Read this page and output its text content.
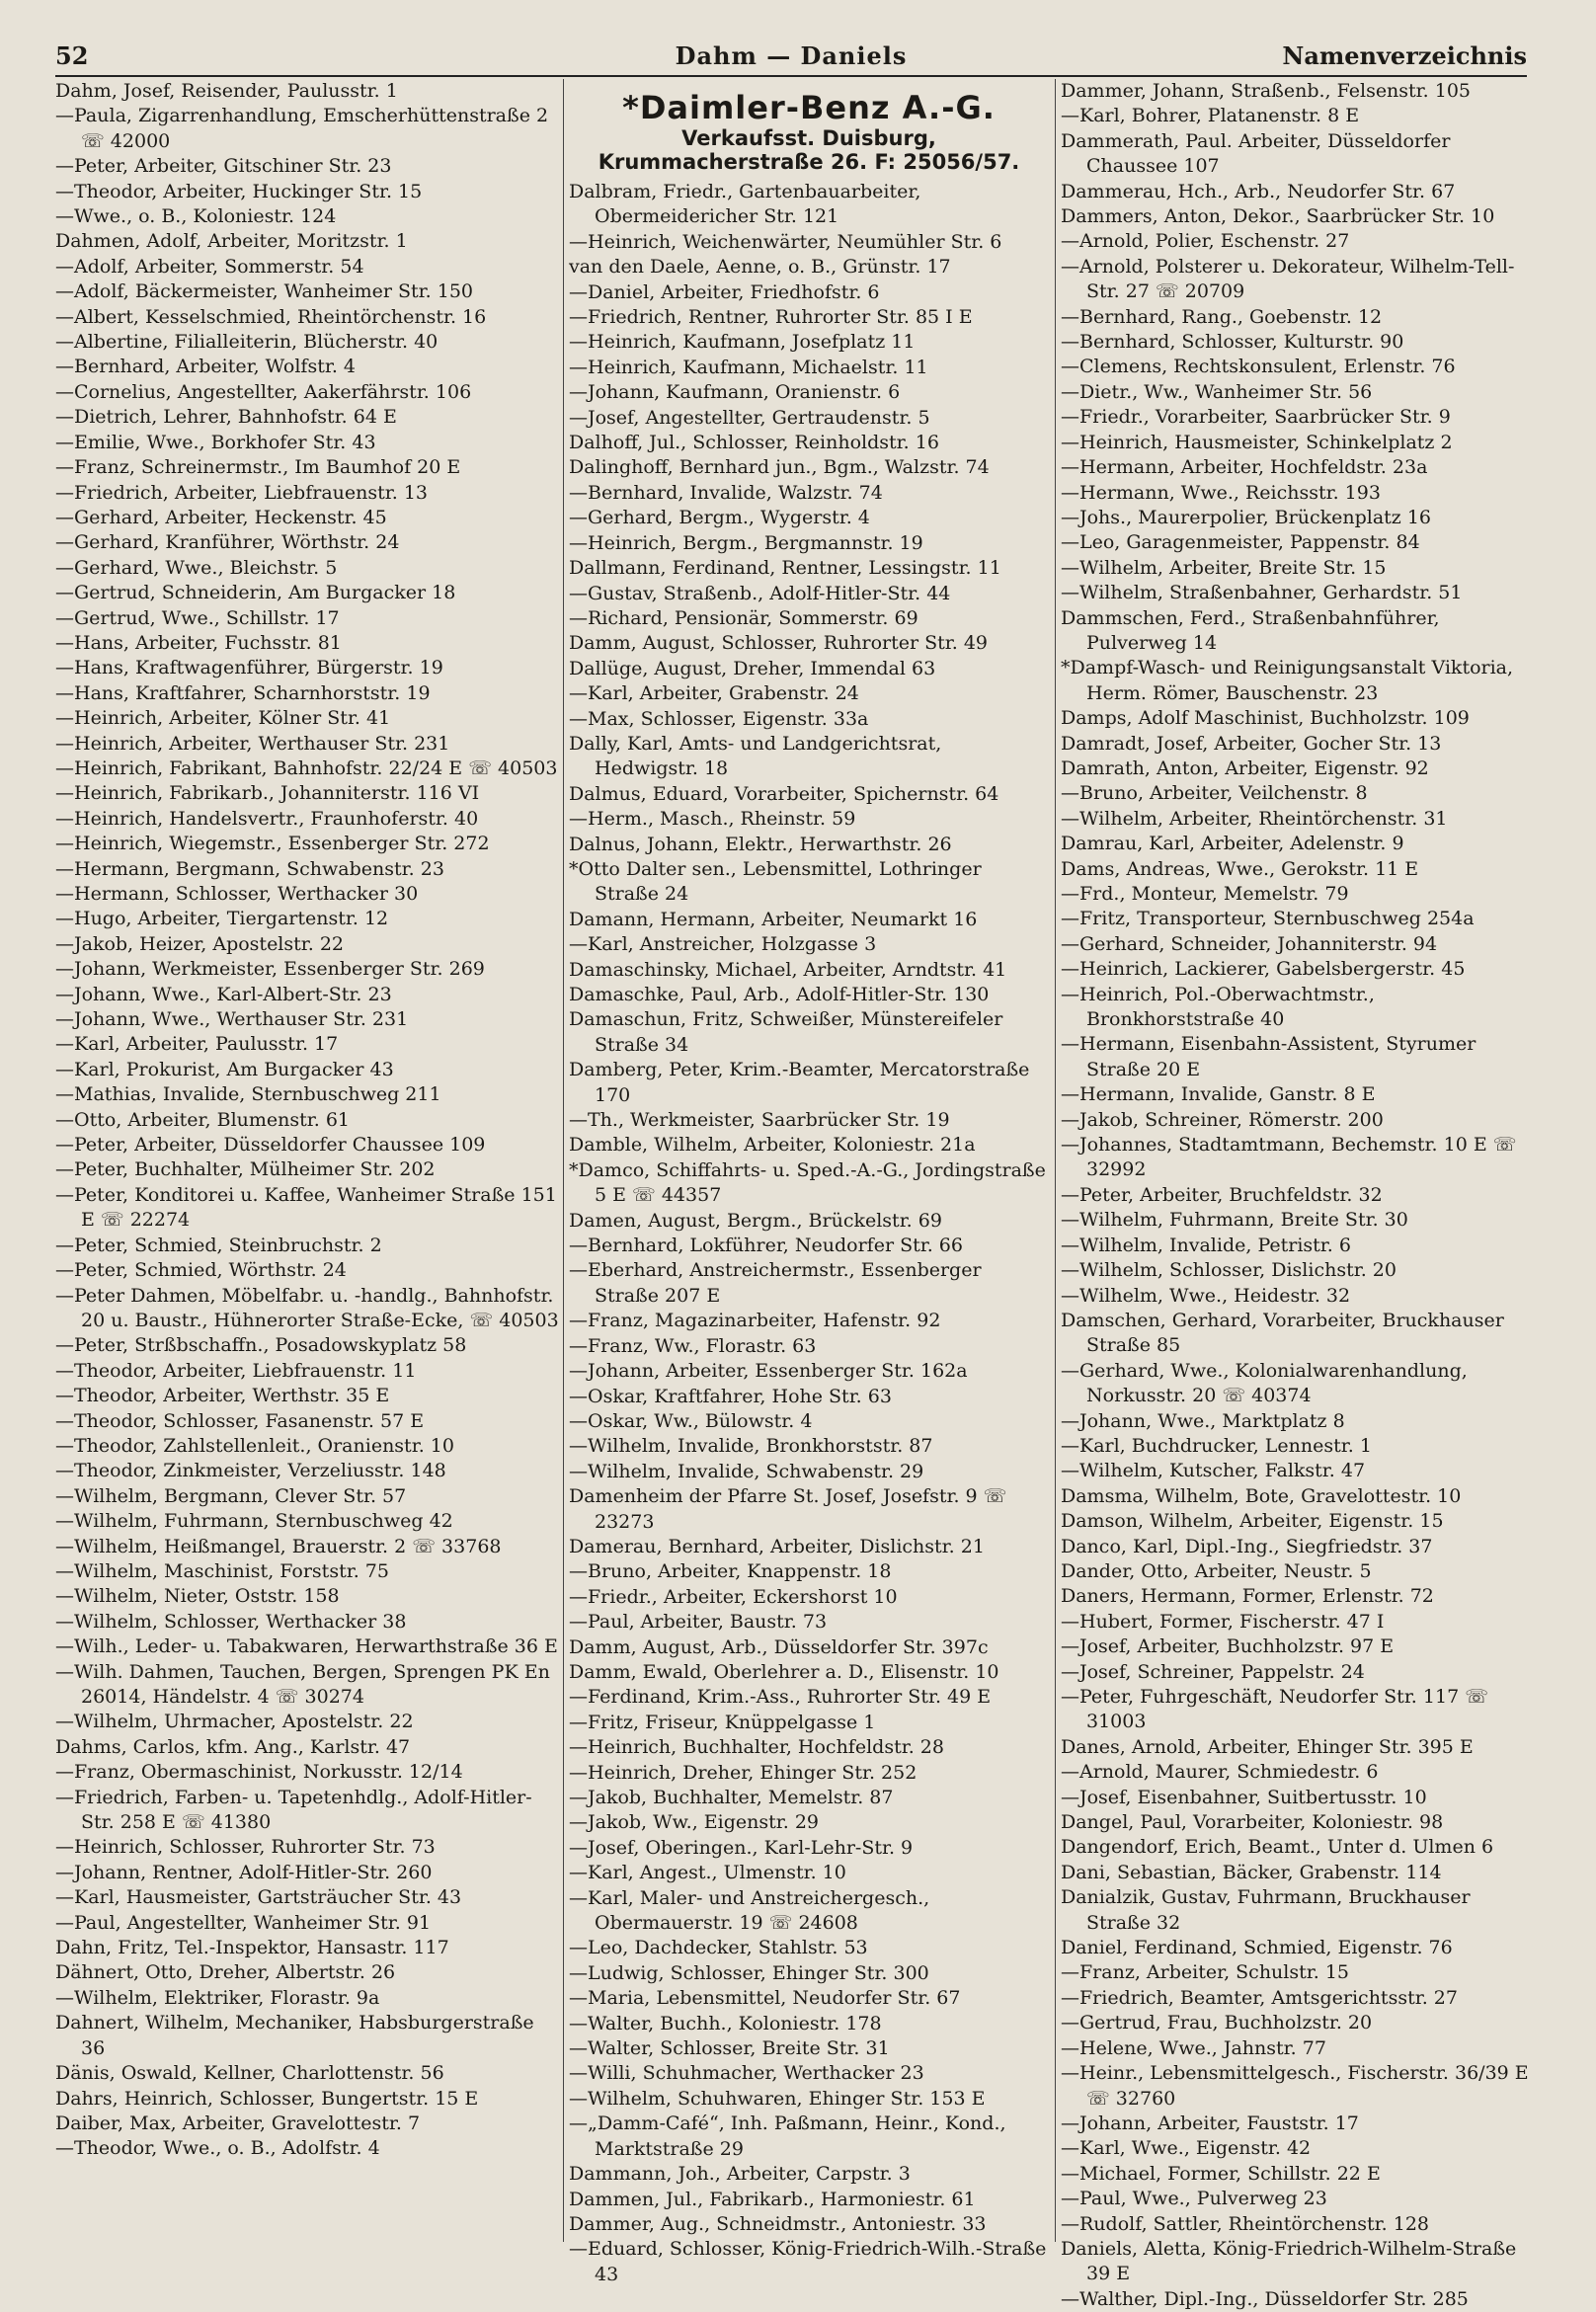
52	Dahm — Daniels	Namenverzeichnis
Dahm, Josef, Reisender, Paulusstr. 1
—Paula, Zigarrenhandlung, Emscherhüttenstraße 2 ☏ 42000
—Peter, Arbeiter, Gitschiner Str. 23
—Theodor, Arbeiter, Huckinger Str. 15
—Wwe., o. B., Koloniestr. 124
Dahmen, Adolf, Arbeiter, Moritzstr. 1
—Adolf, Arbeiter, Sommerstr. 54
—Adolf, Bäckermeister, Wanheimer Str. 150
—Albert, Kesselschmied, Rheintörchenstr. 16
—Albertine, Filialleiterin, Blücherstr. 40
—Bernhard, Arbeiter, Wolfstr. 4
—Cornelius, Angestellter, Aakerfährstr. 106
—Dietrich, Lehrer, Bahnhofstr. 64 E
—Emilie, Wwe., Borkhofer Str. 43
—Franz, Schreinermstr., Im Baumhof 20 E
—Friedrich, Arbeiter, Liebfrauenstr. 13
—Gerhard, Arbeiter, Heckenstr. 45
—Gerhard, Kranführer, Wörthstr. 24
—Gerhard, Wwe., Bleichstr. 5
—Gertrud, Schneiderin, Am Burgacker 18
—Gertrud, Wwe., Schillstr. 17
—Hans, Arbeiter, Fuchsstr. 81
—Hans, Kraftwagenführer, Bürgerstr. 19
—Hans, Kraftfahrer, Scharnhorststr. 19
—Heinrich, Arbeiter, Kölner Str. 41
—Heinrich, Arbeiter, Werthauser Str. 231
—Heinrich, Fabrikant, Bahnhofstr. 22/24 E ☏ 40503
—Heinrich, Fabrikarb., Johanniterstr. 116 VI
—Heinrich, Handelsvertr., Fraunhoferstr. 40
—Heinrich, Wiegemstr., Essenberger Str. 272
—Hermann, Bergmann, Schwabenstr. 23
—Hermann, Schlosser, Werthacker 30
—Hugo, Arbeiter, Tiergartenstr. 12
—Jakob, Heizer, Apostelstr. 22
—Johann, Werkmeister, Essenberger Str. 269
—Johann, Wwe., Karl-Albert-Str. 23
—Johann, Wwe., Werthauser Str. 231
—Karl, Arbeiter, Paulusstr. 17
—Karl, Prokurist, Am Burgacker 43
—Mathias, Invalide, Sternbuschweg 211
—Otto, Arbeiter, Blumenstr. 61
—Peter, Arbeiter, Düsseldorfer Chaussee 109
—Peter, Buchhalter, Mülheimer Str. 202
—Peter, Konditorei u. Kaffee, Wanheimer Straße 151 E ☏ 22274
—Peter, Schmied, Steinbruchstr. 2
—Peter, Schmied, Wörthstr. 24
—Peter Dahmen, Möbelfabr. u. -handlg., Bahnhofstr. 20 u. Baustr., Hühnerorter Straße-Ecke, ☏ 40503
—Peter, Strßbschaffn., Posadowskyplatz 58
—Theodor, Arbeiter, Liebfrauenstr. 11
—Theodor, Arbeiter, Werthstr. 35 E
—Theodor, Schlosser, Fasanenstr. 57 E
—Theodor, Zahlstellenleit., Oranienstr. 10
—Theodor, Zinkmeister, Verzeliusstr. 148
—Wilhelm, Bergmann, Clever Str. 57
—Wilhelm, Fuhrmann, Sternbuschweg 42
—Wilhelm, Heißmangel, Brauerstr. 2 ☏ 33768
—Wilhelm, Maschinist, Forststr. 75
—Wilhelm, Nieter, Oststr. 158
—Wilhelm, Schlosser, Werthacker 38
—Wilh., Leder- u. Tabakwaren, Herwarthstraße 36 E
—Wilh. Dahmen, Tauchen, Bergen, Sprengen PK En 26014, Händelstr. 4 ☏ 30274
—Wilhelm, Uhrmacher, Apostelstr. 22
Dahms, Carlos, kfm. Ang., Karlstr. 47
—Franz, Obermaschinist, Norkusstr. 12/14
—Friedrich, Farben- u. Tapetenhdlg., Adolf-Hitler-Str. 258 E ☏ 41380
—Heinrich, Schlosser, Ruhrorter Str. 73
—Johann, Rentner, Adolf-Hitler-Str. 260
—Karl, Hausmeister, Gartsträucher Str. 43
—Paul, Angestellter, Wanheimer Str. 91
Dahn, Fritz, Tel.-Inspektor, Hansastr. 117
Dähnert, Otto, Dreher, Albertstr. 26
—Wilhelm, Elektriker, Florastr. 9a
Dahnert, Wilhelm, Mechaniker, Habsburgerstraße 36
Dänis, Oswald, Kellner, Charlottenstr. 56
Dahrs, Heinrich, Schlosser, Bungertstr. 15 E
Daiber, Max, Arbeiter, Gravelottestr. 7
—Theodor, Wwe., o. B., Adolfstr. 4
*Daimler-Benz A.-G.
Verkaufsst. Duisburg, Krummacherstraße 26. F: 25056/57.
Dalbram, Friedr., Gartenbauarbeiter, Obermeidericher Str. 121
—Heinrich, Weichenwärter, Neumühler Str. 6
van den Daele, Aenne, o. B., Grünstr. 17
—Daniel, Arbeiter, Friedhofstr. 6
—Friedrich, Rentner, Ruhrorter Str. 85 I E
—Heinrich, Kaufmann, Josefplatz 11
—Heinrich, Kaufmann, Michaelstr. 11
—Johann, Kaufmann, Oranienstr. 6
—Josef, Angestellter, Gertraudenstr. 5
Dalhoff, Jul., Schlosser, Reinholdstr. 16
Dalinghoff, Bernhard jun., Bgm., Walzstr. 74
—Bernhard, Invalide, Walzstr. 74
—Gerhard, Bergm., Wygerstr. 4
—Heinrich, Bergm., Bergmannstr. 19
Dallmann, Ferdinand, Rentner, Lessingstr. 11
—Gustav, Straßenb., Adolf-Hitler-Str. 44
—Richard, Pensionär, Sommerstr. 69
Damm, August, Schlosser, Ruhrorter Str. 49
Dallüge, August, Dreher, Immendal 63
—Karl, Arbeiter, Grabenstr. 24
—Max, Schlosser, Eigenstr. 33a
Dally, Karl, Amts- und Landgerichtsrat, Hedwigstr. 18
Dalmus, Eduard, Vorarbeiter, Spichernstr. 64
—Herm., Masch., Rheinstr. 59
Dalnus, Johann, Elektr., Herwarthstr. 26
*Otto Dalter sen., Lebensmittel, Lothringer Straße 24
Damann, Hermann, Arbeiter, Neumarkt 16
—Karl, Anstreicher, Holzgasse 3
Damaschinsky, Michael, Arbeiter, Arndtstr. 41
Damaschke, Paul, Arb., Adolf-Hitler-Str. 130
Damaschun, Fritz, Schweißer, Münstereifeler Straße 34
Damberg, Peter, Krim.-Beamter, Mercatorstraße 170
—Th., Werkmeister, Saarbrücker Str. 19
Damble, Wilhelm, Arbeiter, Koloniestr. 21a
*Damco, Schiffahrts- u. Sped.-A.-G., Jordingstraße 5 E ☏ 44357
Damen, August, Bergm., Brückelstr. 69
—Bernhard, Lokführer, Neudorfer Str. 66
—Eberhard, Anstreichermstr., Essenberger Straße 207 E
—Franz, Magazinarbeiter, Hafenstr. 92
—Franz, Ww., Florastr. 63
—Johann, Arbeiter, Essenberger Str. 162a
—Oskar, Kraftfahrer, Hohe Str. 63
—Oskar, Ww., Bülowstr. 4
—Wilhelm, Invalide, Bronkhorststr. 87
—Wilhelm, Invalide, Schwabenstr. 29
Damenheim der Pfarre St. Josef, Josefstr. 9 ☏ 23273
Damerau, Bernhard, Arbeiter, Dislichstr. 21
—Bruno, Arbeiter, Knappenstr. 18
—Friedr., Arbeiter, Eckershorst 10
—Paul, Arbeiter, Baustr. 73
Damm, August, Arb., Düsseldorfer Str. 397c
Damm, Ewald, Oberlehrer a. D., Elisenstr. 10
—Ferdinand, Krim.-Ass., Ruhrorter Str. 49 E
—Fritz, Friseur, Knüppelgasse 1
—Heinrich, Buchhalter, Hochfeldstr. 28
—Heinrich, Dreher, Ehinger Str. 252
—Jakob, Buchhalter, Memelstr. 87
—Jakob, Ww., Eigenstr. 29
—Josef, Oberingen., Karl-Lehr-Str. 9
—Karl, Angest., Ulmenstr. 10
—Karl, Maler- und Anstreichergesch., Obermauerstr. 19 ☏ 24608
—Leo, Dachdecker, Stahlstr. 53
—Ludwig, Schlosser, Ehinger Str. 300
—Maria, Lebensmittel, Neudorfer Str. 67
—Walter, Buchh., Koloniestr. 178
—Walter, Schlosser, Breite Str. 31
—Willi, Schuhmacher, Werthacker 23
—Wilhelm, Schuhwaren, Ehinger Str. 153 E
—„Damm-Café“, Inh. Paßmann, Heinr., Kond., Marktstraße 29
Dammann, Joh., Arbeiter, Carpstr. 3
Dammen, Jul., Fabrikarb., Harmoniestr. 61
Dammer, Aug., Schneidmstr., Antoniestr. 33
—Eduard, Schlosser, König-Friedrich-Wilh.-Straße 43
Dammer, Johann, Straßenb., Felsenstr. 105
—Karl, Bohrer, Platanenstr. 8 E
Dammerath, Paul. Arbeiter, Düsseldorfer Chaussee 107
Dammerau, Hch., Arb., Neudorfer Str. 67
Dammers, Anton, Dekor., Saarbrücker Str. 10
—Arnold, Polier, Eschenstr. 27
—Arnold, Polsterer u. Dekorateur, Wilhelm-Tell-Str. 27 ☏ 20709
—Bernhard, Rang., Goebenstr. 12
—Bernhard, Schlosser, Kulturstr. 90
—Clemens, Rechtskonsulent, Erlenstr. 76
—Dietr., Ww., Wanheimer Str. 56
—Friedr., Vorarbeiter, Saarbrücker Str. 9
—Heinrich, Hausmeister, Schinkelplatz 2
—Hermann, Arbeiter, Hochfeldstr. 23a
—Hermann, Wwe., Reichsstr. 193
—Johs., Maurerpolier, Brückenplatz 16
—Leo, Garagenmeister, Pappenstr. 84
—Wilhelm, Arbeiter, Breite Str. 15
—Wilhelm, Straßenbahner, Gerhardstr. 51
Dammschen, Ferd., Straßenbahnführer, Pulverweg 14
*Dampf-Wasch- und Reinigungsanstalt Viktoria, Herm. Römer, Bauschenstr. 23
Damps, Adolf Maschinist, Buchholzstr. 109
Damradt, Josef, Arbeiter, Gocher Str. 13
Damrath, Anton, Arbeiter, Eigenstr. 92
—Bruno, Arbeiter, Veilchenstr. 8
—Wilhelm, Arbeiter, Rheintörchenstr. 31
Damrau, Karl, Arbeiter, Adelenstr. 9
Dams, Andreas, Wwe., Gerokstr. 11 E
—Frd., Monteur, Memelstr. 79
—Fritz, Transporteur, Sternbuschweg 254a
—Gerhard, Schneider, Johanniterstr. 94
—Heinrich, Lackierer, Gabelsbergerstr. 45
—Heinrich, Pol.-Oberwachtmstr., Bronkhorststraße 40
—Hermann, Eisenbahn-Assistent, Styrumer Straße 20 E
—Hermann, Invalide, Ganstr. 8 E
—Jakob, Schreiner, Römerstr. 200
—Johannes, Stadtamtmann, Bechemstr. 10 E ☏ 32992
—Peter, Arbeiter, Bruchfeldstr. 32
—Wilhelm, Fuhrmann, Breite Str. 30
—Wilhelm, Invalide, Petristr. 6
—Wilhelm, Schlosser, Dislichstr. 20
—Wilhelm, Wwe., Heidestr. 32
Damschen, Gerhard, Vorarbeiter, Bruckhauser Straße 85
—Gerhard, Wwe., Kolonialwarenhandlung, Norkusstr. 20 ☏ 40374
—Johann, Wwe., Marktplatz 8
—Karl, Buchdrucker, Lennestr. 1
—Wilhelm, Kutscher, Falkstr. 47
Damsma, Wilhelm, Bote, Gravelottestr. 10
Damson, Wilhelm, Arbeiter, Eigenstr. 15
Danco, Karl, Dipl.-Ing., Siegfriedstr. 37
Dander, Otto, Arbeiter, Neustr. 5
Daners, Hermann, Former, Erlenstr. 72
—Hubert, Former, Fischerstr. 47 I
—Josef, Arbeiter, Buchholzstr. 97 E
—Josef, Schreiner, Pappelstr. 24
—Peter, Fuhrgeschäft, Neudorfer Str. 117 ☏ 31003
Danes, Arnold, Arbeiter, Ehinger Str. 395 E
—Arnold, Maurer, Schmiedestr. 6
—Josef, Eisenbahner, Suitbertusstr. 10
Dangel, Paul, Vorarbeiter, Koloniestr. 98
Dangendorf, Erich, Beamt., Unter d. Ulmen 6
Dani, Sebastian, Bäcker, Grabenstr. 114
Danialzik, Gustav, Fuhrmann, Bruckhauser Straße 32
Daniel, Ferdinand, Schmied, Eigenstr. 76
—Franz, Arbeiter, Schulstr. 15
—Friedrich, Beamter, Amtsgerichtsstr. 27
—Gertrud, Frau, Buchholzstr. 20
—Helene, Wwe., Jahnstr. 77
—Heinr., Lebensmittelgesch., Fischerstr. 36/39 E ☏ 32760
—Johann, Arbeiter, Fauststr. 17
—Karl, Wwe., Eigenstr. 42
—Michael, Former, Schillstr. 22 E
—Paul, Wwe., Pulverweg 23
—Rudolf, Sattler, Rheintörchenstr. 128
Daniels, Aletta, König-Friedrich-Wilhelm-Straße 39 E
—Walther, Dipl.-Ing., Düsseldorfer Str. 285
